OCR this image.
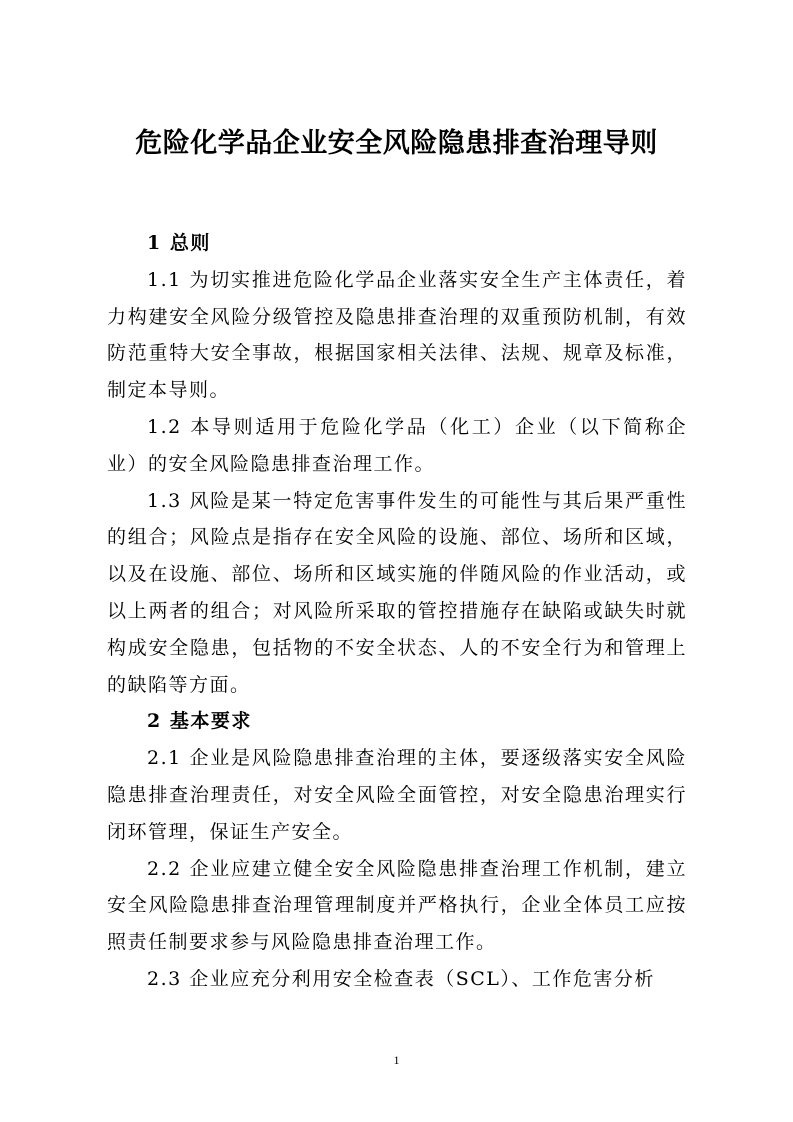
危险化学品企业安全风险隐患排查治理导则
1 总则

1.1 为切实推进危险化学品企业落实安全生产主体责任，着力构建安全风险分级管控及隐患排查治理的双重预防机制，有效防范重特大安全事故，根据国家相关法律、法规、规章及标准，制定本导则。

1.2 本导则适用于危险化学品（化工）企业（以下简称企业）的安全风险隐患排查治理工作。

1.3 风险是某一特定危害事件发生的可能性与其后果严重性的组合；风险点是指存在安全风险的设施、部位、场所和区域，以及在设施、部位、场所和区域实施的伴随风险的作业活动，或以上两者的组合；对风险所采取的管控措施存在缺陷或缺失时就构成安全隐患，包括物的不安全状态、人的不安全行为和管理上的缺陷等方面。

2 基本要求

2.1 企业是风险隐患排查治理的主体，要逐级落实安全风险隐患排查治理责任，对安全风险全面管控，对安全隐患治理实行闭环管理，保证生产安全。

2.2 企业应建立健全安全风险隐患排查治理工作机制，建立安全风险隐患排查治理管理制度并严格执行，企业全体员工应按照责任制要求参与风险隐患排查治理工作。

2.3 企业应充分利用安全检查表（SCL）、工作危害分析

1
